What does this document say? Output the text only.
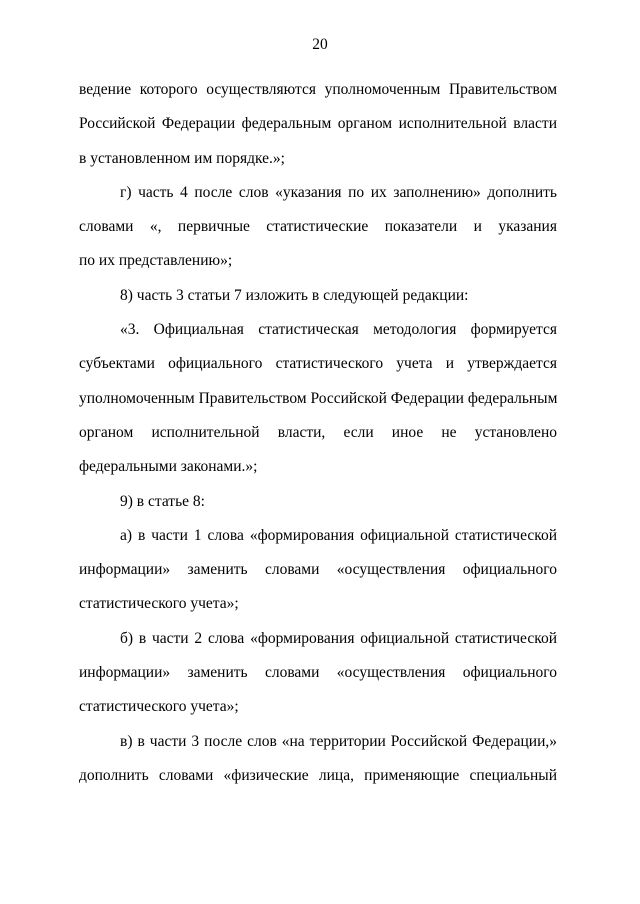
20

ведение которого осуществляются уполномоченным Правительством
Российской Федерации федеральным органом исполнительной власти
в установленном им порядке.»;

г) часть 4 после слов «указания по их заполнению» дополнить
словами «, первичные статистические показатели и указания
по их представлению»;

8) часть 3 статьи 7 изложить в следующей редакции:

«3. Официальная статистическая методология формируется
субъектами официального статистического учета и утверждается
уполномоченным Правительством Российской Федерации федеральным
органом исполнительной власти, если иное не установлено
федеральными законами.»;

9) в статье 8:

а) в части 1 слова «формирования официальной статистической
информации» заменить словами «осуществления официального
статистического учета»;

б) в части 2 слова «формирования официальной статистической
информации» заменить словами «осуществления официального
статистического учета»;

в) в части 3 после слов «на территории Российской Федерации,»
дополнить словами «физические лица, применяющие специальный
